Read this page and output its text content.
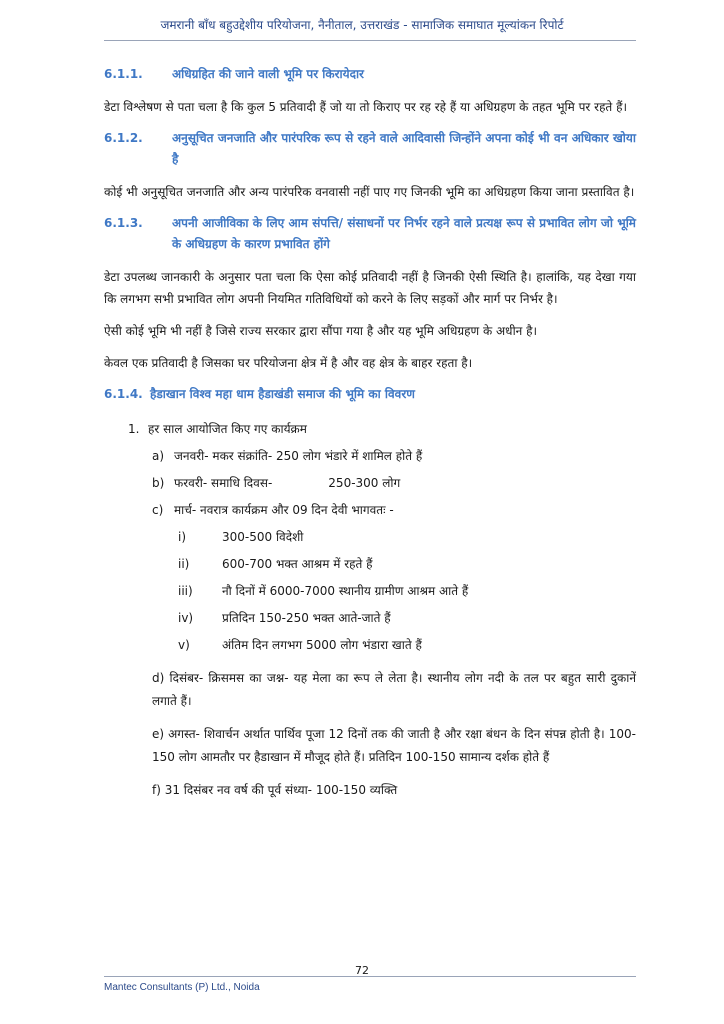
जमरानी बाँध बहुउद्देशीय परियोजना, नैनीताल, उत्तराखंड - सामाजिक समाघात मूल्यांकन रिपोर्ट
6.1.1.	अधिग्रहित की जाने वाली भूमि पर किरायेदार

डेटा विश्लेषण से पता चला है कि कुल 5 प्रतिवादी हैं जो या तो किराए पर रह रहे हैं या अधिग्रहण के तहत भूमि पर रहते हैं।

6.1.2.	अनुसूचित जनजाति और पारंपरिक रूप से रहने वाले आदिवासी जिन्होंने अपना कोई भी वन अधिकार खोया है

कोई भी अनुसूचित जनजाति और अन्य पारंपरिक वनवासी नहीं पाए गए जिनकी भूमि का अधिग्रहण किया जाना प्रस्तावित है।

6.1.3.	अपनी आजीविका के लिए आम संपत्ति/ संसाधनों पर निर्भर रहने वाले प्रत्यक्ष रूप से प्रभावित लोग जो भूमि के अधिग्रहण के कारण प्रभावित होंगे

डेटा उपलब्ध जानकारी के अनुसार पता चला कि ऐसा कोई प्रतिवादी नहीं है जिनकी ऐसी स्थिति है। हालांकि, यह देखा गया कि लगभग सभी प्रभावित लोग अपनी नियमित गतिविधियों को करने के लिए सड़कों और मार्ग पर निर्भर है।

ऐसी कोई भूमि भी नहीं है जिसे राज्य सरकार द्वारा सौंपा गया है और यह भूमि अधिग्रहण के अधीन है।

केवल एक प्रतिवादी है जिसका घर परियोजना क्षेत्र में है और वह क्षेत्र के बाहर रहता है।

6.1.4. हैडाखान विश्व महा धाम हैडाखंडी समाज की भूमि का विवरण
1. हर साल आयोजित किए गए कार्यक्रम
a) जनवरी- मकर संक्रांति- 250 लोग भंडारे में शामिल होते हैं
b) फरवरी- समाधि दिवस-	250-300 लोग
c) मार्च- नवरात्र कार्यक्रम और 09 दिन देवी भागवतः -
i)	300-500 विदेशी
ii)	600-700 भक्त आश्रम में रहते हैं
iii)	नौ दिनों में 6000-7000 स्थानीय ग्रामीण आश्रम आते हैं
iv)	प्रतिदिन 150-250 भक्त आते-जाते हैं
v)	अंतिम दिन लगभग 5000 लोग भंडारा खाते हैं

d) दिसंबर- क्रिसमस का जश्न- यह मेला का रूप ले लेता है। स्थानीय लोग नदी के तल पर बहुत सारी दुकानें लगाते हैं।

e) अगस्त- शिवार्चन अर्थात पार्थिव पूजा 12 दिनों तक की जाती है और रक्षा बंधन के दिन संपन्न होती है। 100-150 लोग आमतौर पर हैडाखान में मौजूद होते हैं। प्रतिदिन 100-150 सामान्य दर्शक होते हैं

f) 31 दिसंबर नव वर्ष की पूर्व संध्या- 100-150 व्यक्ति

72
Mantec Consultants (P) Ltd., Noida
